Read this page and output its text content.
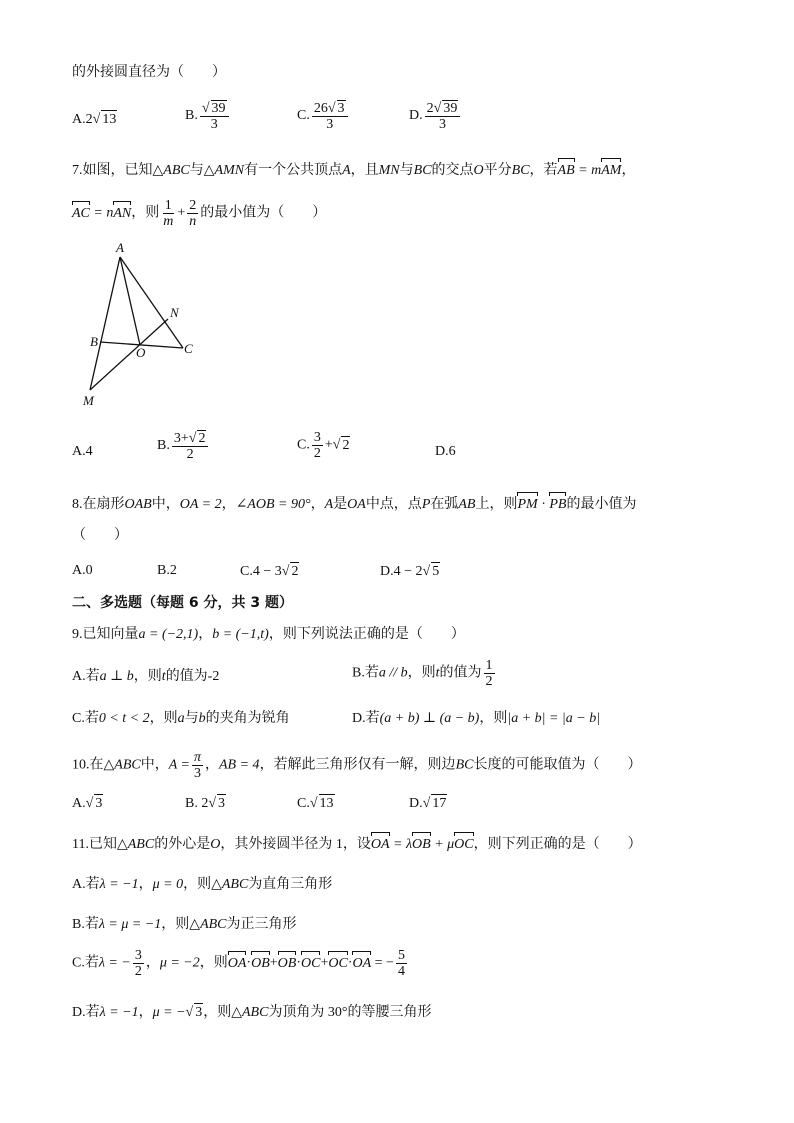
的外接圆直径为（　　）
A.2√ 13	B. $\frac{√ 39}{3}$	C. $\frac{26√ 3}{3}$	D. $\frac{2√ 39}{3}$
7.如图，已知△ABC与△AMN有一个公共顶点A，且MN与BC的交点O平分BC，若AB = mAM，
AC = nAN，则 $\frac{1}{m} + \frac{2}{n}$ 的最小值为（　　）
A
B	C
M
N
O
A.4	B. $\frac{3+√ 2}{2}$	C. $\frac{3}{2}$ +√ 2	D.6
8.在扇形OAB中，OA = 2，∠AOB = 90°，A是OA中点，点P在弧AB上，则PM · PB的最小值为
（　　）
A.0	B.2	C.4 − 3√ 2	D.4 − 2√ 5
二、多选题（每题 6 分，共 3 题）
9.已知向量a = (−2,1)，b = (−1,t)，则下列说法正确的是（　　）
A.若a ⊥ b，则t的值为-2	B.若a // b，则t的值为 $\frac{1}{2}$
C.若0 < t < 2，则a与b的夹角为锐角	D.若(a + b) ⊥ (a − b)，则|a + b| = |a − b|
10.在△ABC中，$A = \frac{\pi}{3}$ ，AB = 4，若解此三角形仅有一解，则边BC长度的可能取值为（　　）
A.√ 3	B. 2√ 3	C.√ 13	D.√ 17
11.已知△ABC的外心是O，其外接圆半径为 1，设OA = λOB + μOC，则下列正确的是（　　）
A.若λ = −1，μ = 0，则△ABC为直角三角形
B.若λ = μ = −1，则△ABC为正三角形
C.若λ = − $\frac{3}{2}$ ，μ = −2，则OA·OB+OB·OC+OC·OA = − $\frac{5}{4}$
D.若λ = −1，μ = −√ 3，则△ABC为顶角为 30°的等腰三角形
